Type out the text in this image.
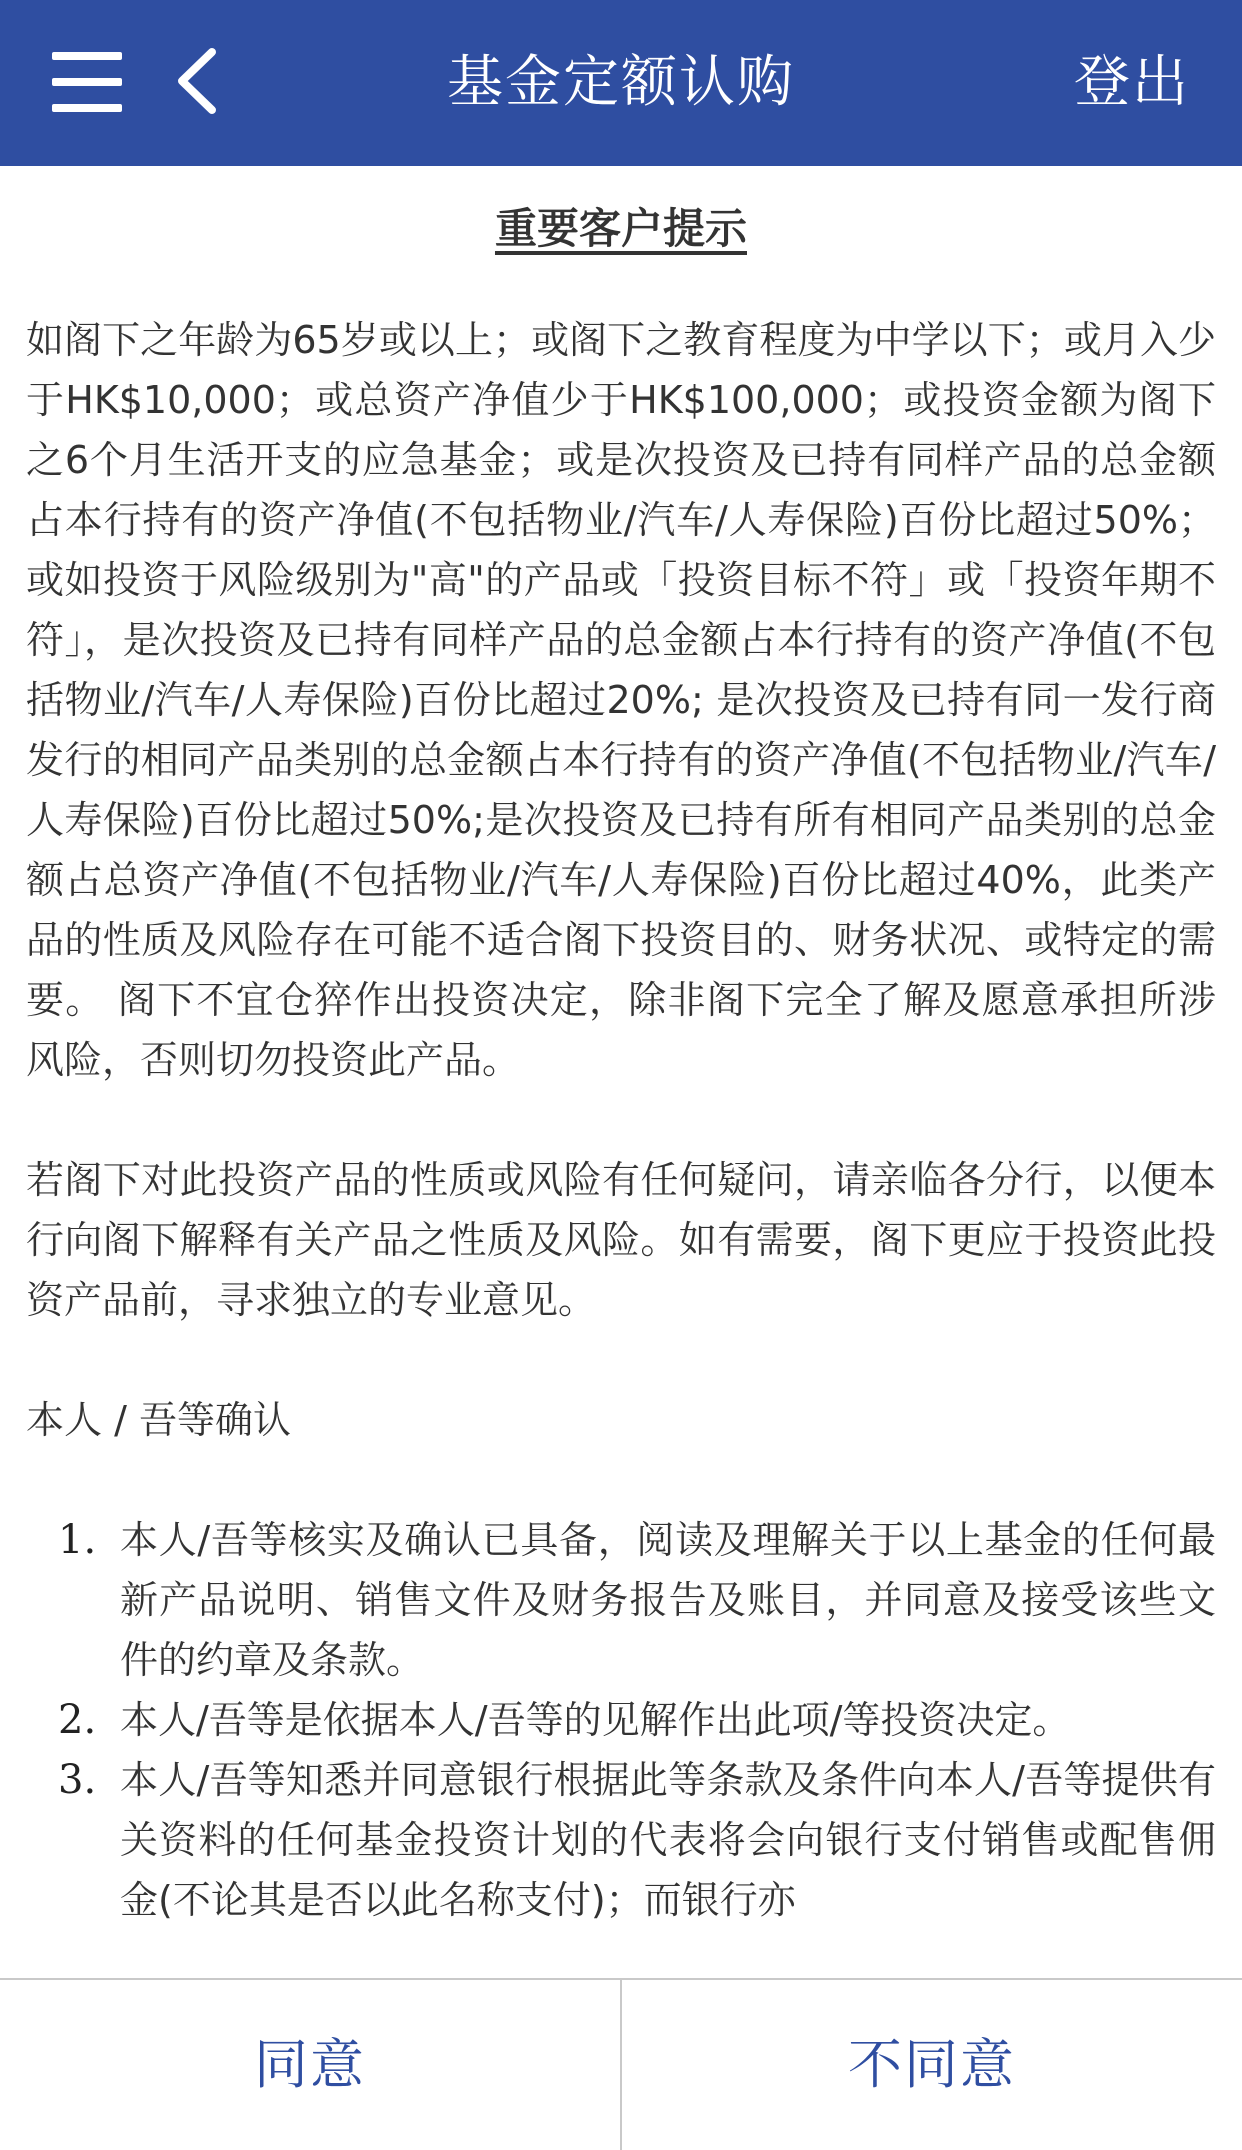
基金定额认购	登出
重要客户提示

如阁下之年龄为65岁或以上；或阁下之教育程度为中学以下；或月入少于HK$10,000；或总资产净值少于HK$100,000；或投资金额为阁下之6个月生活开支的应急基金；或是次投资及已持有同样产品的总金额占本行持有的资产净值(不包括物业/汽车/人寿保险)百份比超过50%；或如投资于风险级别为"高"的产品或「投资目标不符」或「投资年期不符」，是次投资及已持有同样产品的总金额占本行持有的资产净值(不包括物业/汽车/人寿保险)百份比超过20%; 是次投资及已持有同一发行商发行的相同产品类别的总金额占本行持有的资产净值(不包括物业/汽车/人寿保险)百份比超过50%;是次投资及已持有所有相同产品类别的总金额占总资产净值(不包括物业/汽车/人寿保险)百份比超过40%，此类产品的性质及风险存在可能不适合阁下投资目的、财务状况、或特定的需要。 阁下不宜仓猝作出投资决定，除非阁下完全了解及愿意承担所涉风险，否则切勿投资此产品。

若阁下对此投资产品的性质或风险有任何疑问，请亲临各分行，以便本行向阁下解释有关产品之性质及风险。如有需要，阁下更应于投资此投资产品前，寻求独立的专业意见。

本人 / 吾等确认

1. 本人/吾等核实及确认已具备，阅读及理解关于以上基金的任何最新产品说明、销售文件及财务报告及账目，并同意及接受该些文件的约章及条款。
2. 本人/吾等是依据本人/吾等的见解作出此项/等投资决定。
3. 本人/吾等知悉并同意银行根据此等条款及条件向本人/吾等提供有关资料的任何基金投资计划的代表将会向银行支付销售或配售佣金(不论其是否以此名称支付)；而银行亦
同意	不同意
